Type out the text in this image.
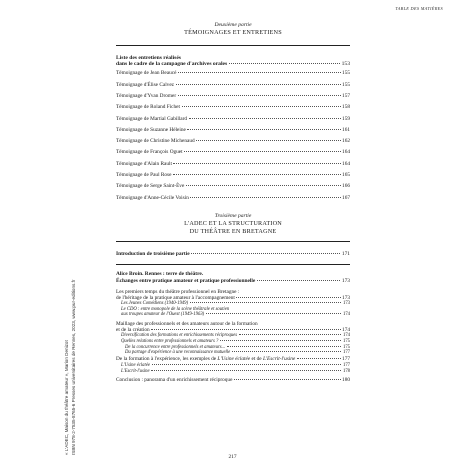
TABLE DES MATIÈRES
« L'ADEC, Maison du théâtre amateur », Marion Denizot ISBN 978-2-7535-8765-6 Presses universitaires de Rennes, 2023, www.pur-editions.fr
Deuxième partie
TÉMOIGNAGES ET ENTRETIENS
Liste des entretiens réalisés
dans le cadre de la campagne d'archives orales	153
Témoignage de Jean Beaucé	155
Témoignage d'Élise Calvez	155
Témoignage d'Yvan Dromer	157
Témoignage de Roland Fichet	158
Témoignage de Martial Gabillard	159
Témoignage de Suzanne Héleine	161
Témoignage de Christine Michenaud	162
Témoignage de François Oguet	164
Témoignage d'Alain Rault	164
Témoignage de Paul Rose	165
Témoignage de Serge Saint-Ève	166
Témoignage d'Anne-Cécile Voisin	167
Troisième partie
L'ADEC ET LA STRUCTURATION
DU THÉÂTRE EN BRETAGNE
Introduction de troisième partie	171
Alice Broin. Rennes : terre de théâtre.
Échanges entre pratique amateur et pratique professionnelle	173
Les premiers temps du théâtre professionnel en Bretagne :
de l'héritage de la pratique amateur à l'accompagnement	173
Les Jeunes Comédiens (1940-1949)	173
Le CDO : entre monopole de la scène théâtrale et soutien
aux troupes amateur de l'Ouest (1949-1963)	174
Maillage des professionnels et des amateurs autour de la formation
et de la création	174
Diversification des formations et enrichissements réciproques	174
Quelles relations entre professionnels et amateurs ?	175
De la concurrence entre professionnels et amateurs...	175
Du partage d'expérience à une reconnaissance mutuelle	177
De la formation à l'expérience, les exemples de L'Usine éclatée et de L'Escrit-l'usine	177
L'Usine éclatée	177
L'Escrit-l'usine	178
Conclusion : panorama d'un enrichissement réciproque	180
217
